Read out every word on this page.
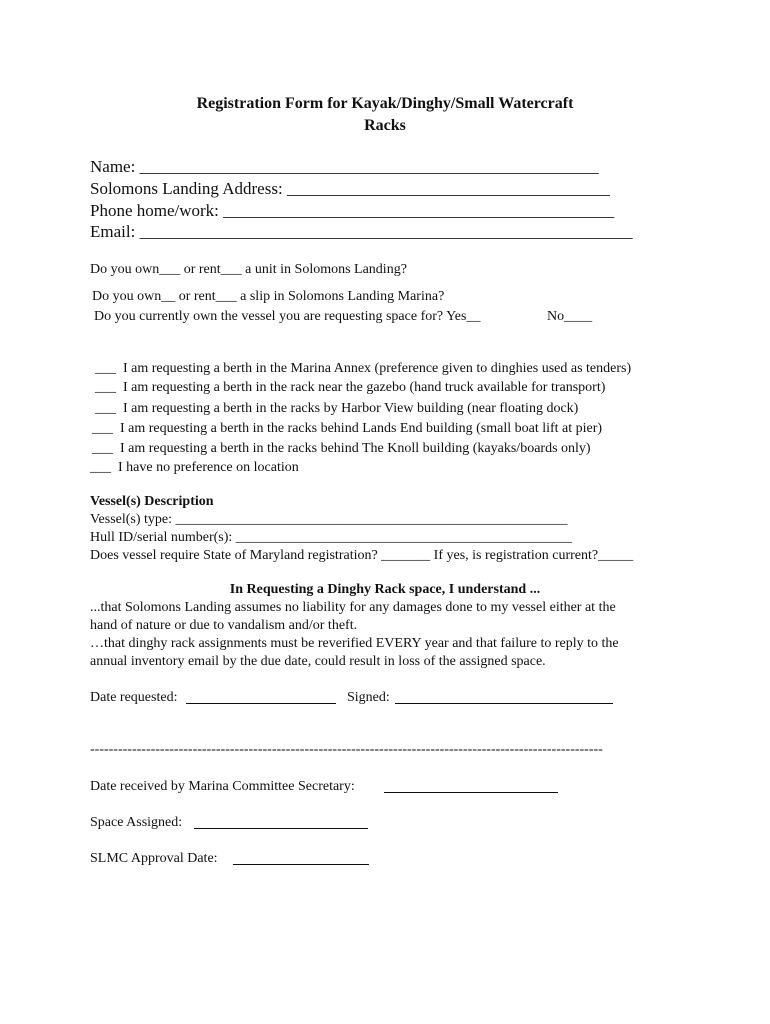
Registration Form for Kayak/Dinghy/Small Watercraft
Racks
Name: ______________________________________________________
Solomons Landing Address: ______________________________________
Phone home/work: ______________________________________________
Email: __________________________________________________________
Do you own___ or rent___ a unit in Solomons Landing?
Do you own__ or rent___ a slip in Solomons Landing Marina?
Do you currently own the vessel you are requesting space for? Yes__	No____
___  I am requesting a berth in the Marina Annex (preference given to dinghies used as tenders)
___  I am requesting a berth in the rack near the gazebo (hand truck available for transport)
___  I am requesting a berth in the racks by Harbor View building (near floating dock)
___  I am requesting a berth in the racks behind Lands End building (small boat lift at pier)
___  I am requesting a berth in the racks behind The Knoll building (kayaks/boards only)
___  I have no preference on location
Vessel(s) Description
Vessel(s) type: ________________________________________________________
Hull ID/serial number(s): ________________________________________________
Does vessel require State of Maryland registration? _______ If yes, is registration current?_____
In Requesting a Dinghy Rack space, I understand ...
...that Solomons Landing assumes no liability for any damages done to my vessel either at the
hand of nature or due to vandalism and/or theft.
…that dinghy rack assignments must be reverified EVERY year and that failure to reply to the
annual inventory email by the due date, could result in loss of the assigned space.
Date requested:	Signed:
--------------------------------------------------------------------------------------------------------------
Date received by Marina Committee Secretary:
Space Assigned:
SLMC Approval Date:
